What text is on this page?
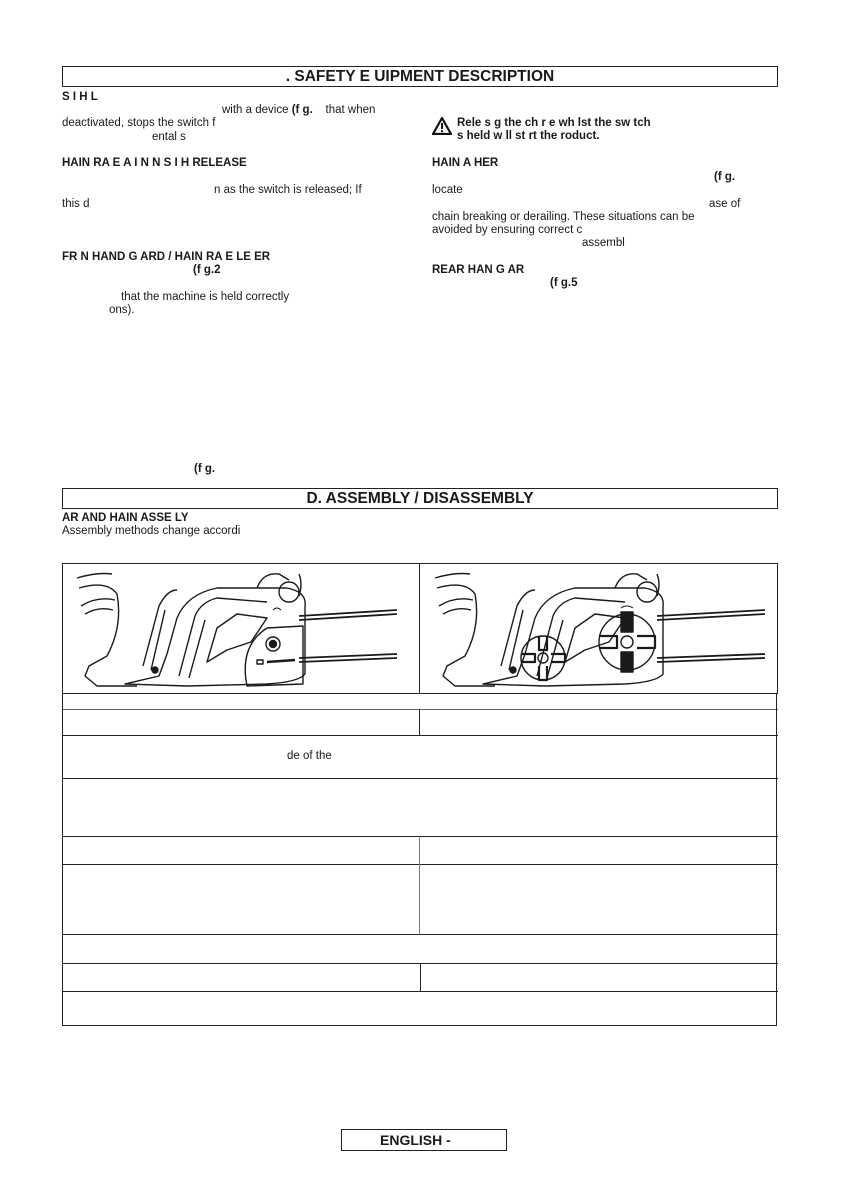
. SAFETY E UIPMENT DESCRIPTION
S I H L
with a device (f g. that when
deactivated, stops the switch f
ental s
HAIN RA E A I N N S I H RELEASE
n as the switch is released; If
this d
FR N HAND G ARD / HAIN RA E LE ER
(f g.2
that the machine is held correctly
ons).
(f g.
Rele s g the ch r e wh lst the sw tch
s held w ll st rt the roduct.
HAIN A HER
(f g.
locate
ase of
chain breaking or derailing. These situations can be
avoided by ensuring correct c
assembl
REAR HAN G AR
(f g.5
D. ASSEMBLY / DISASSEMBLY
AR AND HAIN ASSE LY
Assembly methods change accordi
de of the
ENGLISH -
